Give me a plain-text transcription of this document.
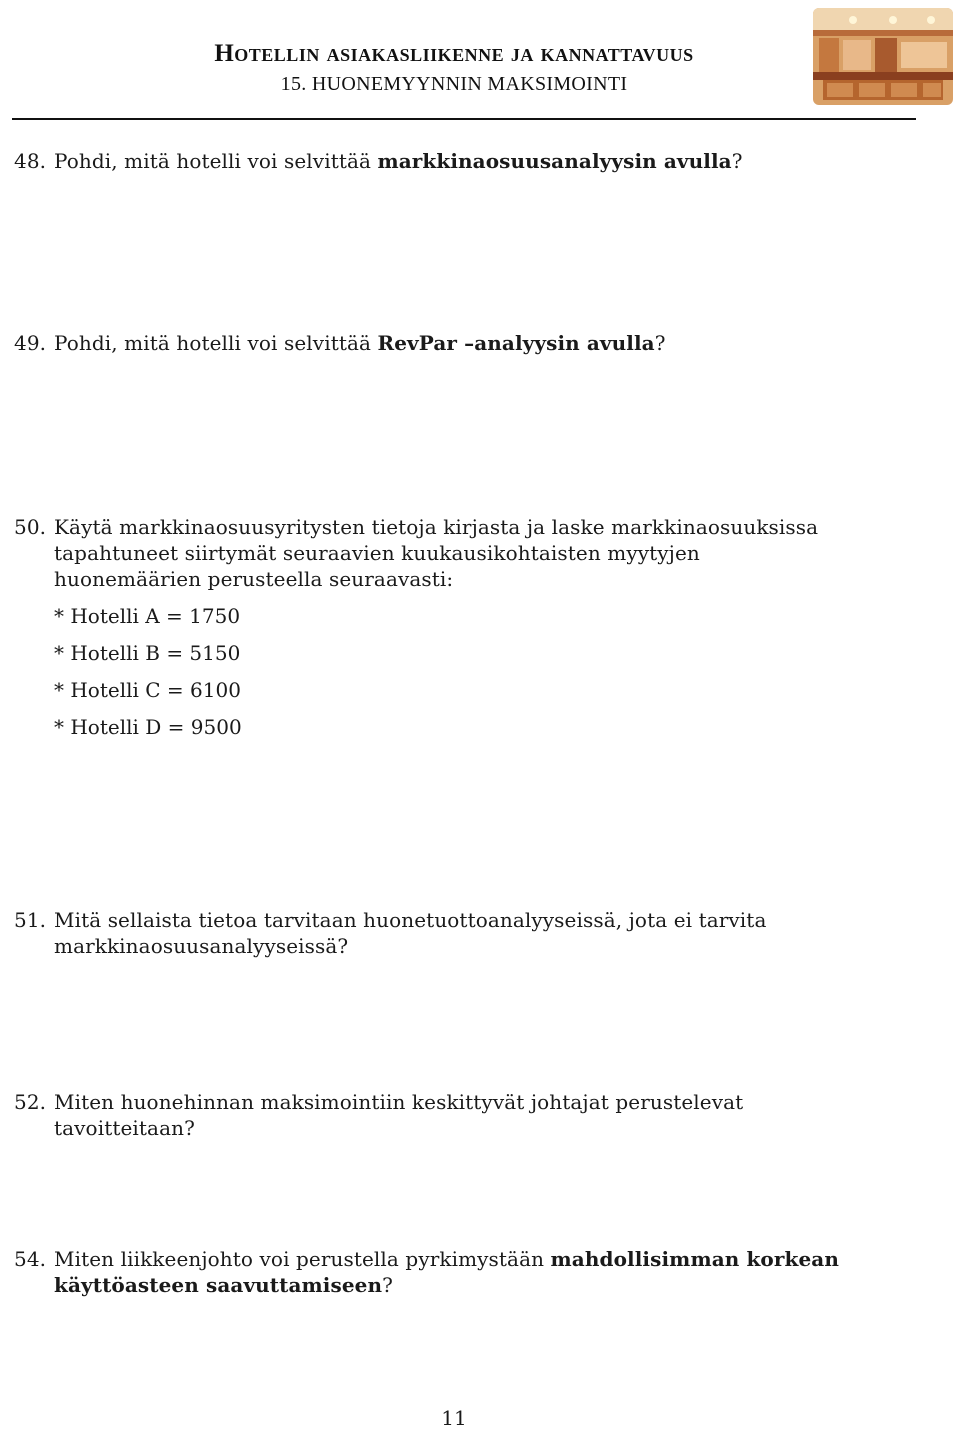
Hotellin asiakasliikenne ja kannattavuus
15. HUONEMYYNNIN MAKSIMOINTI
48. Pohdi, mitä hotelli voi selvittää markkinaosuusanalyysin avulla?
49. Pohdi, mitä hotelli voi selvittää RevPar –analyysin avulla?
50. Käytä markkinaosuusyritysten tietoja kirjasta ja laske markkinaosuuksissa
tapahtuneet siirtymät seuraavien kuukausikohtaisten myytyjen
huonemäärien perusteella seuraavasti:
* Hotelli A = 1750
* Hotelli B = 5150
* Hotelli C = 6100
* Hotelli D = 9500
51. Mitä sellaista tietoa tarvitaan huonetuottoanalyyseissä, jota ei tarvita
markkinaosuusanalyyseissä?
52. Miten huonehinnan maksimointiin keskittyvät johtajat perustelevat
tavoitteitaan?
54. Miten liikkeenjohto voi perustella pyrkimystään mahdollisimman korkean
käyttöasteen saavuttamiseen?
11
